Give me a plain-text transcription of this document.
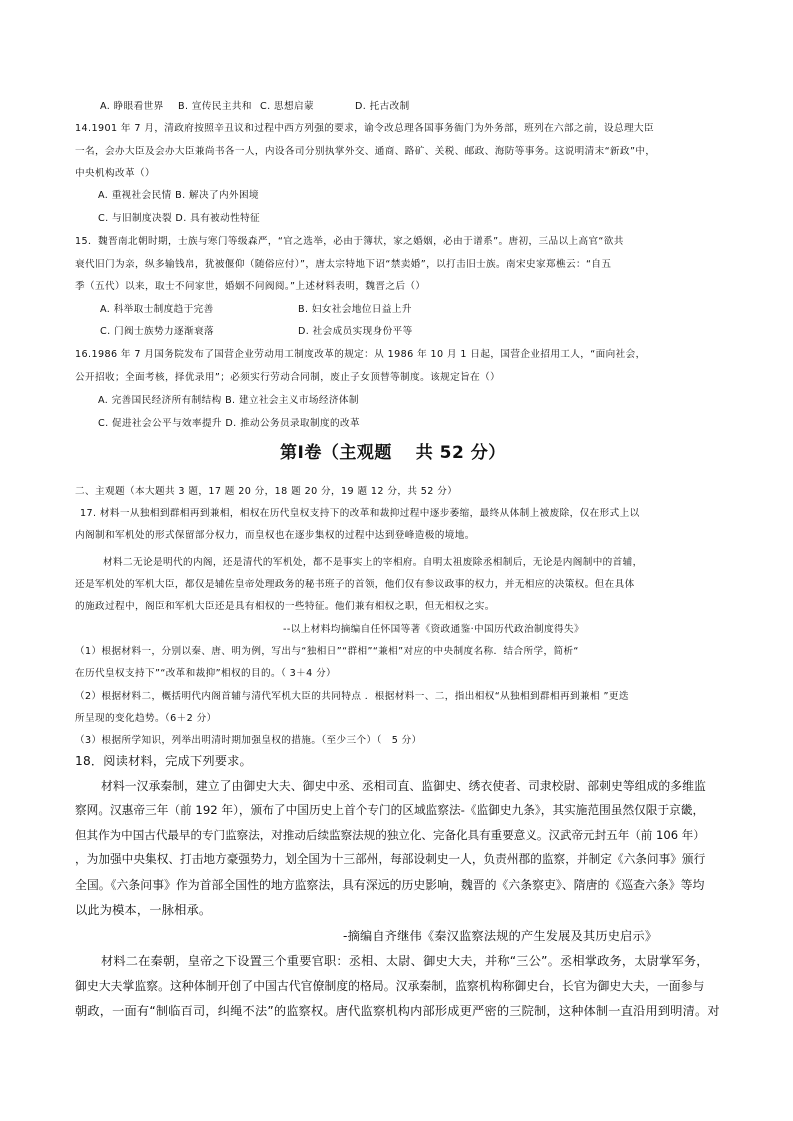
A. 睁眼看世界 B. 宣传民主共和 C. 思想启蒙	D. 托古改制
14.1901 年 7 月，清政府按照辛丑议和过程中西方列强的要求，谕令改总理各国事务衙门为外务部，班列在六部之前，设总理大臣
一名，会办大臣及会办大臣兼尚书各一人，内设各司分别执掌外交、通商、路矿、关税、邮政、海防等事务。这说明清末“新政”中，
中央机构改革（）
A. 重视社会民情 B. 解决了内外困境
C. 与旧制度决裂 D. 具有被动性特征
15．魏晋南北朝时期，士族与寒门等级森严，“官之选举，必由于簿状，家之婚姻，必由于谱系”。唐初，三品以上高官“欲共
衰代旧门为亲，纵多输钱帛，犹被偃仰（随俗应付）”，唐太宗特地下诏“禁卖婚”，以打击旧士族。南宋史家郑樵云：“自五
季（五代）以来，取士不问家世，婚姻不问阀阅。”上述材料表明，魏晋之后（）
A. 科举取士制度趋于完善	B. 妇女社会地位日益上升
C. 门阀士族势力逐渐衰落	D. 社会成员实现身份平等
16.1986 年 7 月国务院发布了国营企业劳动用工制度改革的规定：从 1986 年 10 月 1 日起，国营企业招用工人，“面向社会，
公开招收；全面考核，择优录用”；必须实行劳动合同制，废止子女顶替等制度。该规定旨在（）
A. 完善国民经济所有制结构 B. 建立社会主义市场经济体制
C. 促进社会公平与效率提升 D. 推动公务员录取制度的改革
第Ⅰ卷（主观题　 共 52 分）
二、主观题（本大题共 3 题，17 题 20 分，18 题 20 分，19 题 12 分，共 52 分）
17. 材料一从独相到群相再到兼相，相权在历代皇权支持下的改革和裁抑过程中逐步萎缩，最终从体制上被废除，仅在形式上以
内阁制和军机处的形式保留部分权力，而皇权也在逐步集权的过程中达到登峰造极的境地。
材料二无论是明代的内阁，还是清代的军机处，都不是事实上的宰相府。自明太祖废除丞相制后，无论是内阁制中的首辅，
还是军机处的军机大臣，都仅是辅佐皇帝处理政务的秘书班子的首领，他们仅有参议政事的权力，并无相应的决策权。但在具体
的施政过程中，阁臣和军机大臣还是具有相权的一些特征。他们兼有相权之职，但无相权之实。
--以上材料均摘编自任怀国等著《资政通鉴·中国历代政治制度得失》
（1）根据材料一，分别以秦、唐、明为例，写出与“独相日”“群相”“兼相”对应的中央制度名称．结合所学，简析“
在历代皇权支持下”“改革和裁抑”相权的目的。（ 3＋4 分）
（2）根据材料二，概括明代内阁首辅与清代军机大臣的共同特点 ．根据材料一、二，指出相权“从独相到群相再到兼相 ”更迭
所呈现的变化趋势。（6＋2 分）
（3）根据所学知识，列举出明清时期加强皇权的措施。（至少三个）（　5 分）
18．阅读材料，完成下列要求。
材料一汉承秦制，建立了由御史大夫、御史中丞、丞相司直、监御史、绣衣使者、司隶校尉、部刺史等组成的多维监
察网。汉惠帝三年（前 192 年），颁布了中国历史上首个专门的区域监察法-《监御史九条》，其实施范围虽然仅限于京畿，
但其作为中国古代最早的专门监察法，对推动后续监察法规的独立化、完备化具有重要意义。汉武帝元封五年（前 106 年）
，为加强中央集权、打击地方豪强势力，划全国为十三部州，每部设刺史一人，负责州郡的监察，并制定《六条问事》颁行
全国。《六条问事》作为首部全国性的地方监察法，具有深远的历史影响，魏晋的《六条察吏》、隋唐的《巡查六条》等均
以此为模本，一脉相承。
-摘编自齐继伟《秦汉监察法规的产生发展及其历史启示》
材料二在秦朝，皇帝之下设置三个重要官职：丞相、太尉、御史大夫，并称“三公”。丞相掌政务，太尉掌军务，
御史大夫掌监察。这种体制开创了中国古代官僚制度的格局。汉承秦制，监察机构称御史台，长官为御史大夫，一面参与
朝政，一面有“制临百司，纠绳不法”的监察权。唐代监察机构内部形成更严密的三院制，这种体制一直沿用到明清。对
